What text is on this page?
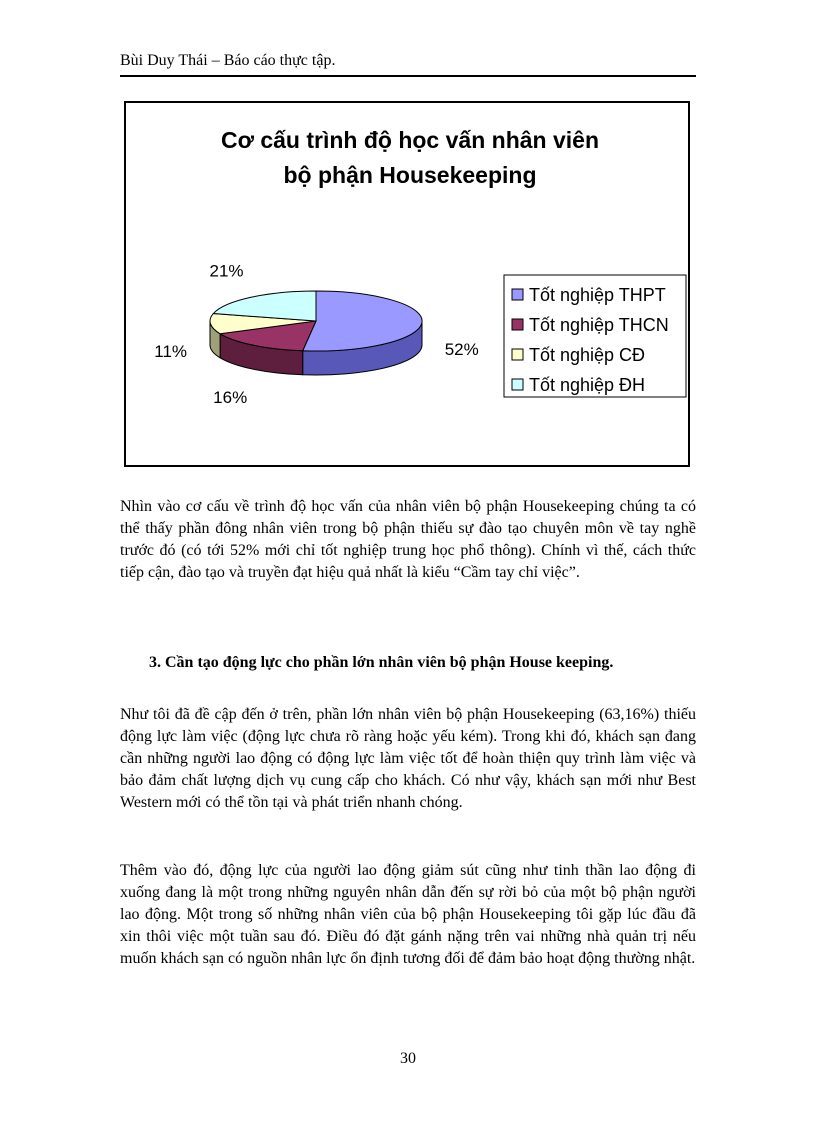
Bùi Duy Thái – Báo cáo thực tập.
Cơ cấu trình độ học vấn nhân viên
bộ phận Housekeeping
52%
16%
11%
21%
Tốt nghiệp THPT
Tốt nghiệp THCN
Tốt nghiệp CĐ
Tốt nghiệp ĐH

Nhìn vào cơ cấu về trình độ học vấn của nhân viên bộ phận Housekeeping chúng ta có thể thấy phần đông nhân viên trong bộ phận thiếu sự đào tạo chuyên môn về tay nghề trước đó (có tới 52% mới chỉ tốt nghiệp trung học phổ thông). Chính vì thế, cách thức tiếp cận, đào tạo và truyền đạt hiệu quả nhất là kiểu “Cầm tay chỉ việc”.

3. Cần tạo động lực cho phần lớn nhân viên bộ phận House keeping.

Như tôi đã đề cập đến ở trên, phần lớn nhân viên bộ phận Housekeeping (63,16%) thiếu động lực làm việc (động lực chưa rõ ràng hoặc yếu kém). Trong khi đó, khách sạn đang cần những người lao động có động lực làm việc tốt để hoàn thiện quy trình làm việc và bảo đảm chất lượng dịch vụ cung cấp cho khách. Có như vậy, khách sạn mới như Best Western mới có thể tồn tại và phát triển nhanh chóng.

Thêm vào đó, động lực của người lao động giảm sút cũng như tinh thần lao động đi xuống đang là một trong những nguyên nhân dẫn đến sự rời bỏ của một bộ phận người lao động. Một trong số những nhân viên của bộ phận Housekeeping tôi gặp lúc đầu đã xin thôi việc một tuần sau đó. Điều đó đặt gánh nặng trên vai những nhà quản trị nếu muốn khách sạn có nguồn nhân lực ổn định tương đối để đảm bảo hoạt động thường nhật.

30
